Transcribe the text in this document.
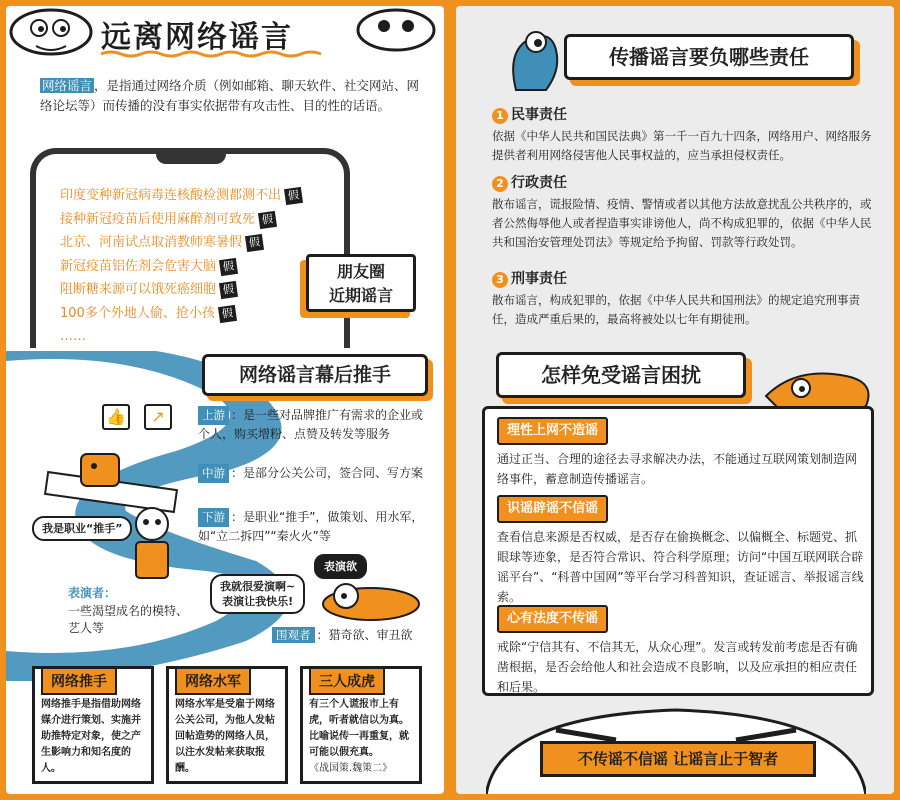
远离网络谣言
网络谣言 ，是指通过网络介质（例如邮箱、聊天软件、社交网站、网络论坛等）而传播的没有事实依据带有攻击性、目的性的话语。
印度变种新冠病毒连核酸检测都测不出 假
接种新冠疫苗后使用麻醉剂可致死 假
北京、河南试点取消教师寒暑假 假
新冠疫苗铝佐剂会危害大脑 假
阻断糖来源可以饿死癌细胞 假
100多个外地人偷、抢小孩 假
……
朋友圈
近期谣言
网络谣言幕后推手
👍	↗	上游 ：是一些对品牌推广有需求的企业或个人，购买增粉、点赞及转发等服务
中游 ：是部分公关公司，签合同、写方案
下游 ：是职业“推手”，做策划、用水军，如“立二拆四”“秦火火”等
我是职业“推手”
表演欲
我就很爱演啊~
表演让我快乐!
表演者：
一些渴望成名的模特、艺人等	围观者 ：猎奇欲、审丑欲
网络推手
网络推手是指借助网络媒介进行策划、实施并助推特定对象，使之产生影响力和知名度的人。
网络水军
网络水军是受雇于网络公关公司，为他人发帖回帖造势的网络人员，以注水发帖来获取报酬。
三人成虎
有三个人谎报市上有虎，听者就信以为真。比喻说传一再重复，就可能以假充真。
《战国策.魏策二》
传播谣言要负哪些责任
1 民事责任
依据《中华人民共和国民法典》第一千一百九十四条，网络用户、网络服务提供者利用网络侵害他人民事权益的，应当承担侵权责任。
2 行政责任
散布谣言，谎报险情、疫情、警情或者以其他方法故意扰乱公共秩序的，或者公然侮辱他人或者捏造事实诽谤他人，尚不构成犯罪的，依据《中华人民共和国治安管理处罚法》等规定给予拘留、罚款等行政处罚。
3 刑事责任
散布谣言，构成犯罪的，依据《中华人民共和国刑法》的规定追究刑事责任，造成严重后果的，最高将被处以七年有期徒刑。
怎样免受谣言困扰
理性上网不造谣
通过正当、合理的途径去寻求解决办法，不能通过互联网策划制造网络事件，蓄意制造传播谣言。
识谣辟谣不信谣
查看信息来源是否权威，是否存在偷换概念、以偏概全、标题党、抓眼球等迹象，是否符合常识、符合科学原理；访问“中国互联网联合辟谣平台”、“科普中国网”等平台学习科普知识，查证谣言、举报谣言线索。
心有法度不传谣
戒除“宁信其有、不信其无，从众心理”。发言或转发前考虑是否有确凿根据，是否会给他人和社会造成不良影响，以及应承担的相应责任和后果。
不传谣不信谣 让谣言止于智者
